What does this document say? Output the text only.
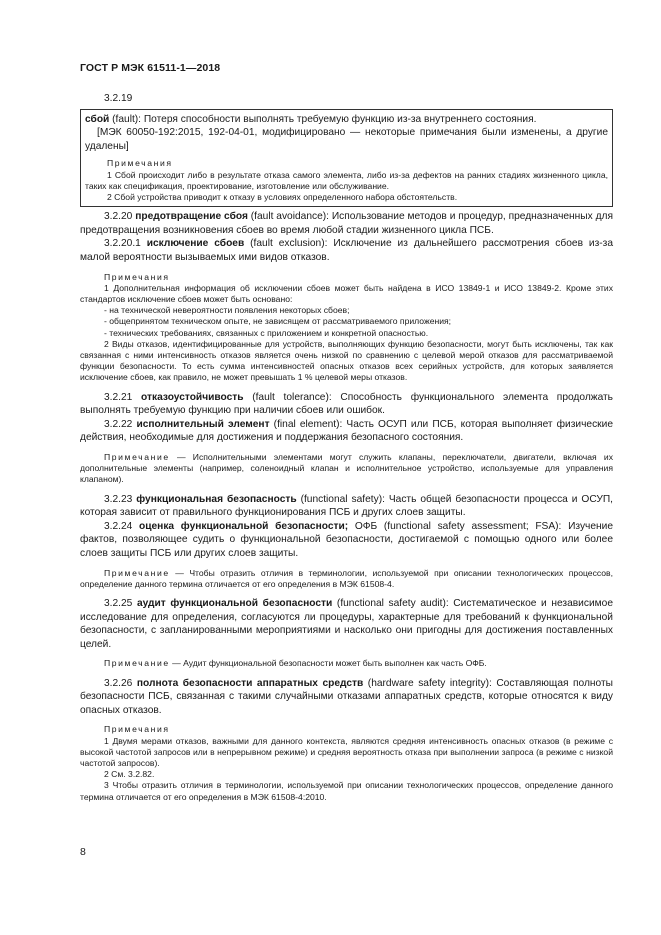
ГОСТ Р МЭК 61511-1—2018
3.2.19

сбой (fault): Потеря способности выполнять требуемую функцию из-за внутреннего состояния.

[МЭК 60050-192:2015, 192-04-01, модифицировано — некоторые примечания были изменены, а другие удалены]

Примечания

1 Сбой происходит либо в результате отказа самого элемента, либо из-за дефектов на ранних стадиях жизненного цикла, таких как спецификация, проектирование, изготовление или обслуживание.

2 Сбой устройства приводит к отказу в условиях определенного набора обстоятельств.

3.2.20 предотвращение сбоя (fault avoidance): Использование методов и процедур, предназначенных для предотвращения возникновения сбоев во время любой стадии жизненного цикла ПСБ.

3.2.20.1 исключение сбоев (fault exclusion): Исключение из дальнейшего рассмотрения сбоев из-за малой вероятности вызываемых ими видов отказов.

Примечания

1 Дополнительная информация об исключении сбоев может быть найдена в ИСО 13849-1 и ИСО 13849-2. Кроме этих стандартов исключение сбоев может быть основано:

- на технической невероятности появления некоторых сбоев;

- общепринятом техническом опыте, не зависящем от рассматриваемого приложения;

- технических требованиях, связанных с приложением и конкретной опасностью.

2 Виды отказов, идентифицированные для устройств, выполняющих функцию безопасности, могут быть исключены, так как связанная с ними интенсивность отказов является очень низкой по сравнению с целевой мерой отказов для рассматриваемой функции безопасности. То есть сумма интенсивностей опасных отказов всех серийных устройств, для которых заявляется исключение сбоев, как правило, не может превышать 1 % целевой меры отказов.

3.2.21 отказоустойчивость (fault tolerance): Способность функционального элемента продолжать выполнять требуемую функцию при наличии сбоев или ошибок.

3.2.22 исполнительный элемент (final element): Часть ОСУП или ПСБ, которая выполняет физические действия, необходимые для достижения и поддержания безопасного состояния.

Примечание — Исполнительными элементами могут служить клапаны, переключатели, двигатели, включая их дополнительные элементы (например, соленоидный клапан и исполнительное устройство, используемые для управления клапаном).

3.2.23 функциональная безопасность (functional safety): Часть общей безопасности процесса и ОСУП, которая зависит от правильного функционирования ПСБ и других слоев защиты.

3.2.24 оценка функциональной безопасности; ОФБ (functional safety assessment; FSA): Изучение фактов, позволяющее судить о функциональной безопасности, достигаемой с помощью одного или более слоев защиты ПСБ или других слоев защиты.

Примечание — Чтобы отразить отличия в терминологии, используемой при описании технологических процессов, определение данного термина отличается от его определения в МЭК 61508-4.

3.2.25 аудит функциональной безопасности (functional safety audit): Систематическое и независимое исследование для определения, согласуются ли процедуры, характерные для требований к функциональной безопасности, с запланированными мероприятиями и насколько они пригодны для достижения поставленных целей.

Примечание — Аудит функциональной безопасности может быть выполнен как часть ОФБ.

3.2.26 полнота безопасности аппаратных средств (hardware safety integrity): Составляющая полноты безопасности ПСБ, связанная с такими случайными отказами аппаратных средств, которые относятся к виду опасных отказов.

Примечания

1 Двумя мерами отказов, важными для данного контекста, являются средняя интенсивность опасных отказов (в режиме с высокой частотой запросов или в непрерывном режиме) и средняя вероятность отказа при выполнении запроса (в режиме с низкой частотой запросов).

2 См. 3.2.82.

3 Чтобы отразить отличия в терминологии, используемой при описании технологических процессов, определение данного термина отличается от его определения в МЭК 61508-4:2010.

8
